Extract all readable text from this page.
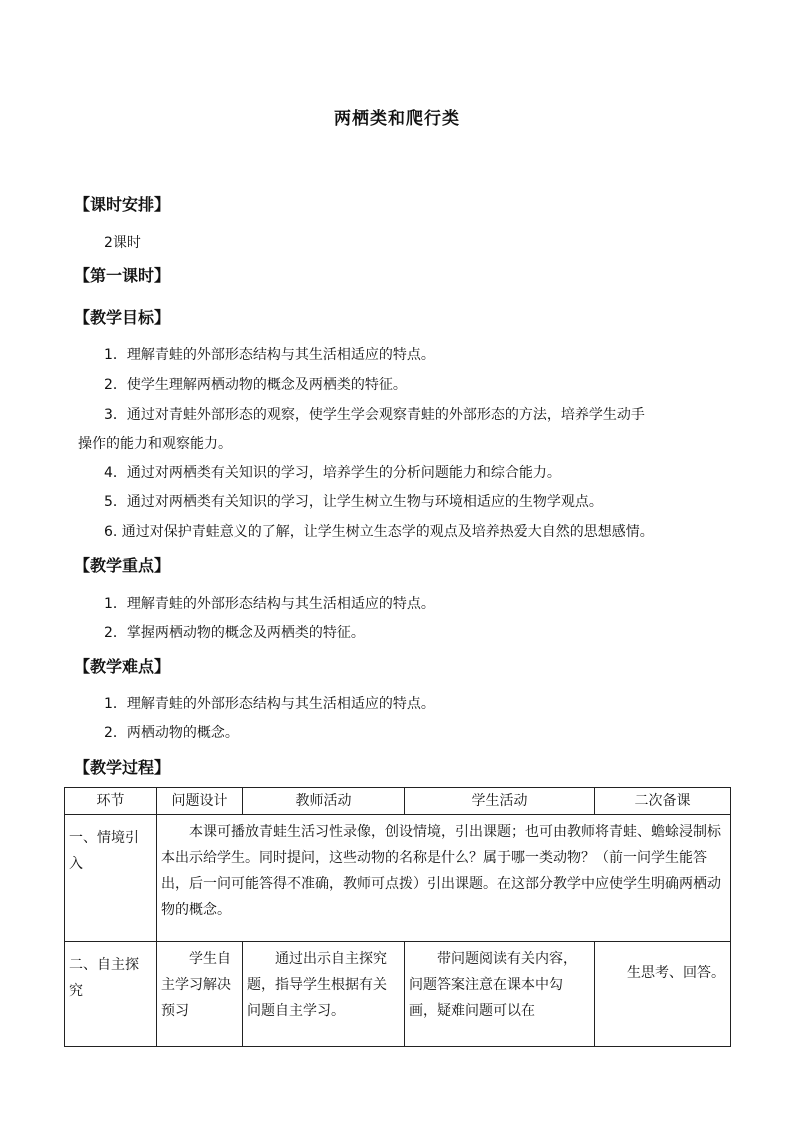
两栖类和爬行类
【课时安排】
2课时
【第一课时】
【教学目标】
1．理解青蛙的外部形态结构与其生活相适应的特点。
2．使学生理解两栖动物的概念及两栖类的特征。
3．通过对青蛙外部形态的观察，使学生学会观察青蛙的外部形态的方法，培养学生动手
操作的能力和观察能力。
4．通过对两栖类有关知识的学习，培养学生的分析问题能力和综合能力。
5．通过对两栖类有关知识的学习，让学生树立生物与环境相适应的生物学观点。
6. 通过对保护青蛙意义的了解，让学生树立生态学的观点及培养热爱大自然的思想感情。
【教学重点】
1．理解青蛙的外部形态结构与其生活相适应的特点。
2．掌握两栖动物的概念及两栖类的特征。
【教学难点】
1．理解青蛙的外部形态结构与其生活相适应的特点。
2．两栖动物的概念。
【教学过程】
环节	问题设计	教师活动	学生活动	二次备课
一、情境引入	本课可播放青蛙生活习性录像，创设情境，引出课题；也可由教师将青蛙、蟾蜍浸制标本出示给学生。同时提问，这些动物的名称是什么？属于哪一类动物？（前一问学生能答出，后一问可能答得不准确，教师可点拨）引出课题。在这部分教学中应使学生明确两栖动物的概念。			
二、自主探究	学生自主学习解决预习	通过出示自主探究题，指导学生根据有关问题自主学习。	带问题阅读有关内容，问题答案注意在课本中勾画，疑难问题可以在	生思考、回答。
